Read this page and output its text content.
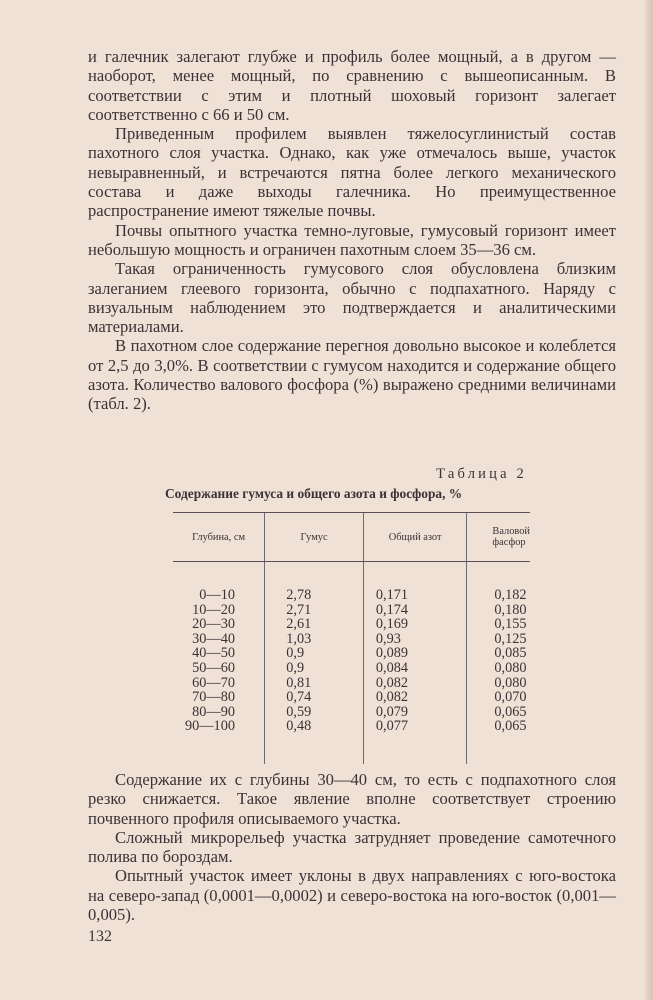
и галечник залегают глубже и профиль более мощный, а в другом — наоборот, менее мощный, по сравнению с вышеописанным. В соответствии с этим и плотный шоховый горизонт залегает соответственно с 66 и 50 см.

Приведенным профилем выявлен тяжелосуглинистый состав пахотного слоя участка. Однако, как уже отмечалось выше, участок невыравненный, и встречаются пятна более легкого механического состава и даже выходы галечника. Но преимущественное распространение имеют тяжелые почвы.

Почвы опытного участка темно-луговые, гумусовый горизонт имеет небольшую мощность и ограничен пахотным слоем 35—36 см.

Такая ограниченность гумусового слоя обусловлена близким залеганием глеевого горизонта, обычно с подпахатного. Наряду с визуальным наблюдением это подтверждается и аналитическими материалами.

В пахотном слое содержание перегноя довольно высокое и колеблется от 2,5 до 3,0%. В соответствии с гумусом находится и содержание общего азота. Количество валового фосфора (%) выражено средними величинами (табл. 2).

Таблица 2
Содержание гумуса и общего азота и фосфора, %
Глубина, см	Гумус	Общий азот	Валовой
фасфор

0—10	2,78	0,171	0,182
10—20	2,71	0,174	0,180
20—30	2,61	0,169	0,155
30—40	1,03	0,93	0,125
40—50	0,9	0,089	0,085
50—60	0,9	0,084	0,080
60—70	0,81	0,082	0,080
70—80	0,74	0,082	0,070
80—90	0,59	0,079	0,065
90—100	0,48	0,077	0,065

Содержание их с глубины 30—40 см, то есть с подпахотного слоя резко снижается. Такое явление вполне соответствует строению почвенного профиля описываемого участка.

Сложный микрорельеф участка затрудняет проведение самотечного полива по бороздам.

Опытный участок имеет уклоны в двух направлениях с юго-востока на северо-запад (0,0001—0,0002) и северо-востока на юго-восток (0,001—0,005).

132
